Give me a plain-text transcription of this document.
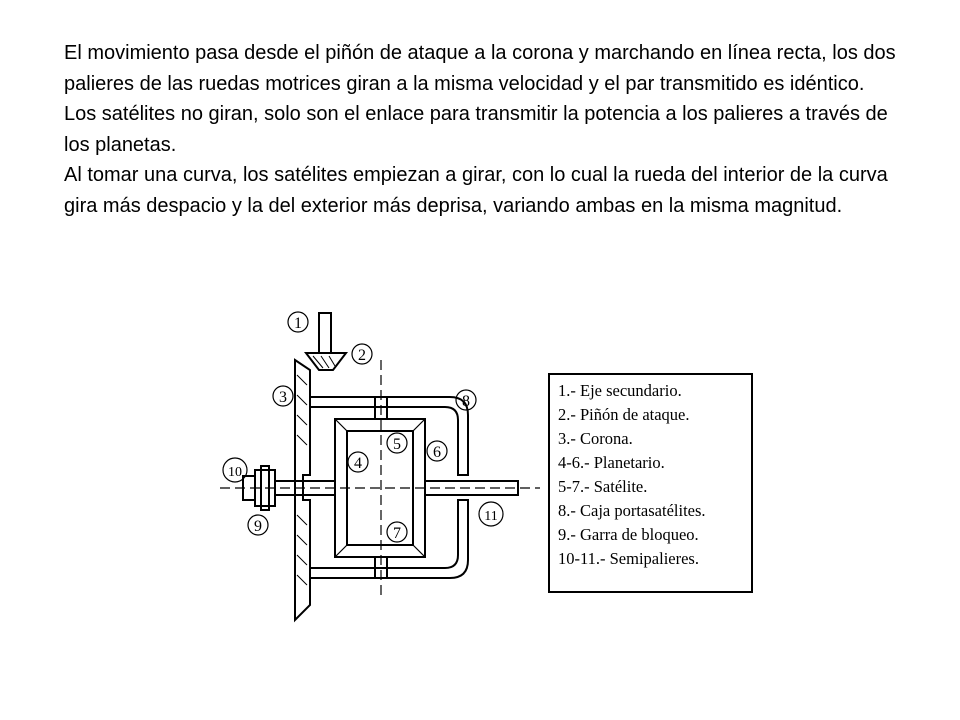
El movimiento pasa desde el piñón de ataque a la corona y marchando en línea recta, los dos palieres de las ruedas motrices giran a la misma velocidad y el par transmitido es idéntico.

Los satélites no giran, solo son el enlace para transmitir la potencia a los palieres a través de los planetas.

Al tomar una curva, los satélites empiezan a girar, con lo cual la rueda del interior de la curva gira más despacio y la del exterior más deprisa, variando ambas en la misma magnitud.

1
2
3
4
5 6
7
8
9
10
11
1.- Eje secundario.
2.- Piñón de ataque.
3.- Corona.
4-6.- Planetario.
5-7.- Satélite.
8.- Caja portasatélites.
9.- Garra de bloqueo.
10-11.- Semipalieres.
